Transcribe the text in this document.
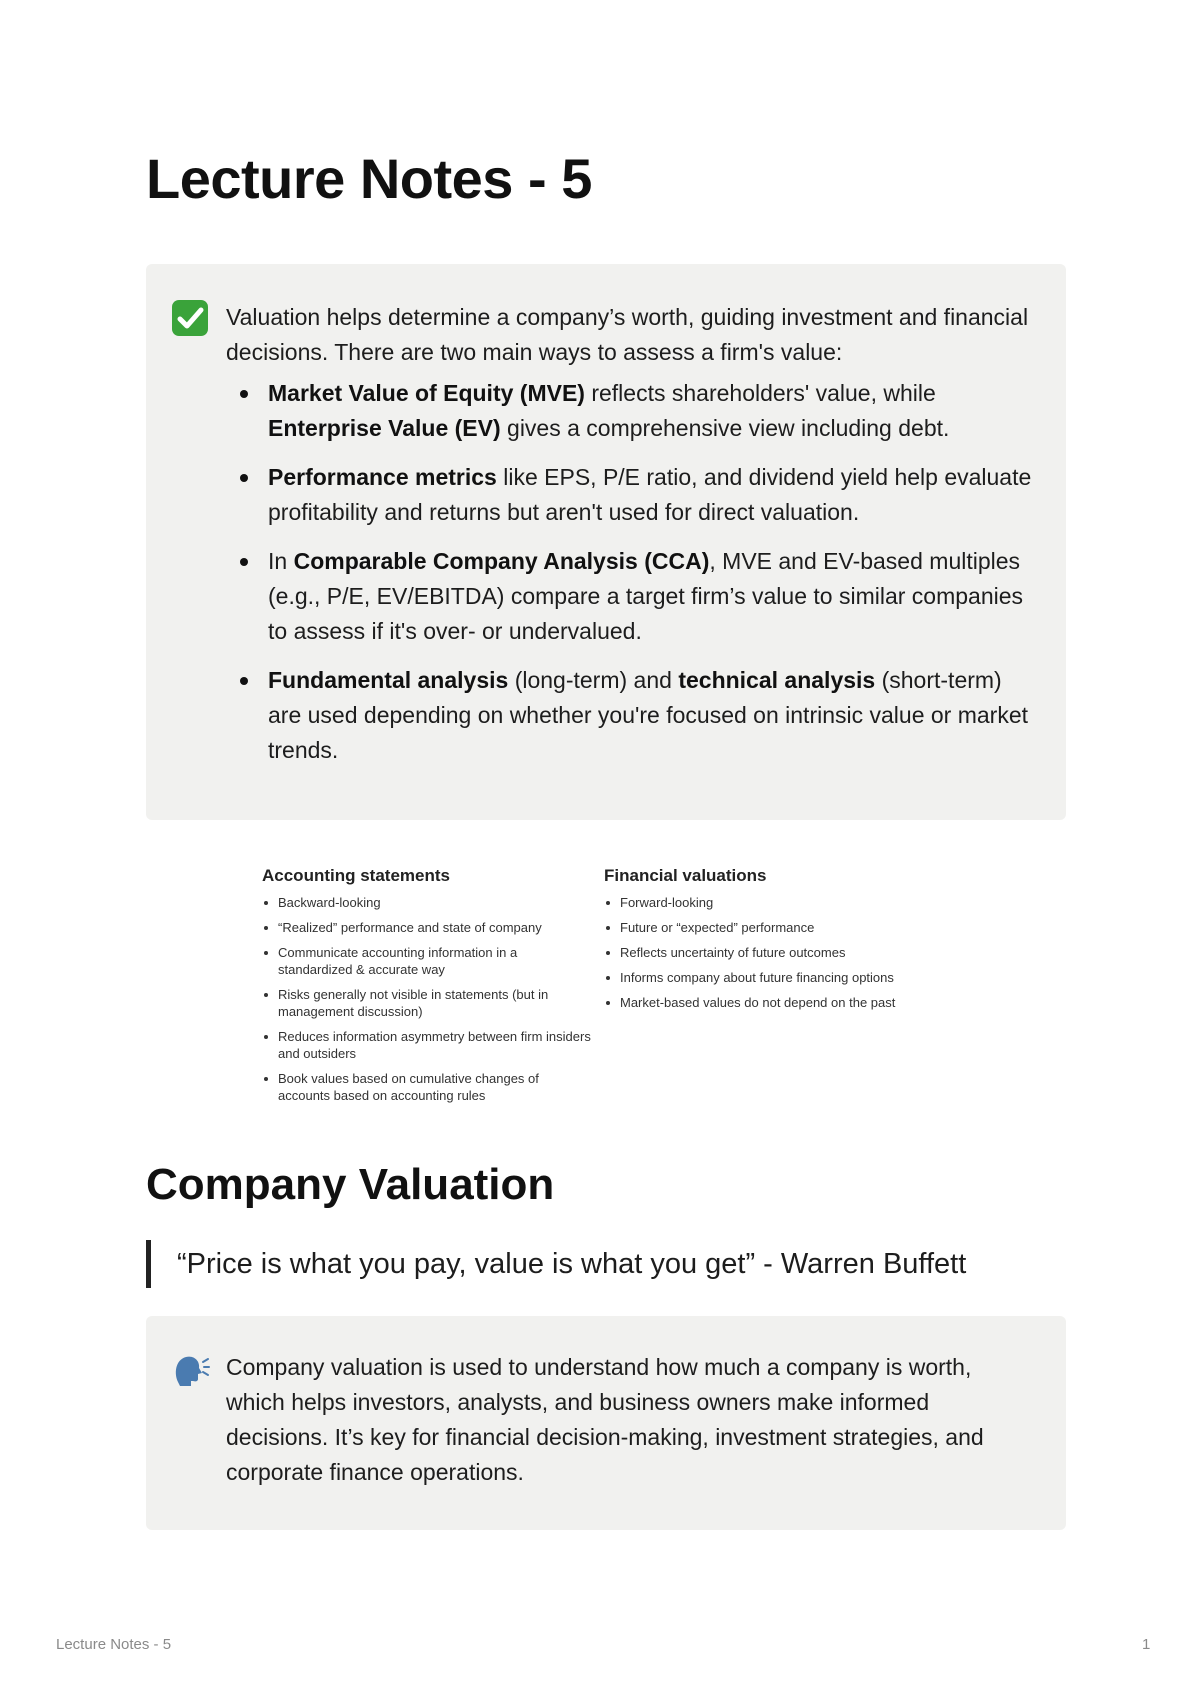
Lecture Notes - 5

Valuation helps determine a company’s worth, guiding investment and financial decisions. There are two main ways to assess a firm's value:

Market Value of Equity (MVE) reflects shareholders' value, while Enterprise Value (EV) gives a comprehensive view including debt.
Performance metrics like EPS, P/E ratio, and dividend yield help evaluate profitability and returns but aren't used for direct valuation.
In Comparable Company Analysis (CCA), MVE and EV-based multiples (e.g., P/E, EV/EBITDA) compare a target firm’s value to similar companies to assess if it's over- or undervalued.
Fundamental analysis (long-term) and technical analysis (short-term) are used depending on whether you're focused on intrinsic value or market trends.
Accounting statements
Backward-looking
“Realized” performance and state of company
Communicate accounting information in a standardized & accurate way
Risks generally not visible in statements (but in management discussion)
Reduces information asymmetry between firm insiders and outsiders
Book values based on cumulative changes of accounts based on accounting rules
Financial valuations
Forward-looking
Future or “expected” performance
Reflects uncertainty of future outcomes
Informs company about future financing options
Market-based values do not depend on the past
Company Valuation
“Price is what you pay, value is what you get” - Warren Buffett

Company valuation is used to understand how much a company is worth, which helps investors, analysts, and business owners make informed decisions. It’s key for financial decision-making, investment strategies, and corporate finance operations.

Lecture Notes - 5	1
